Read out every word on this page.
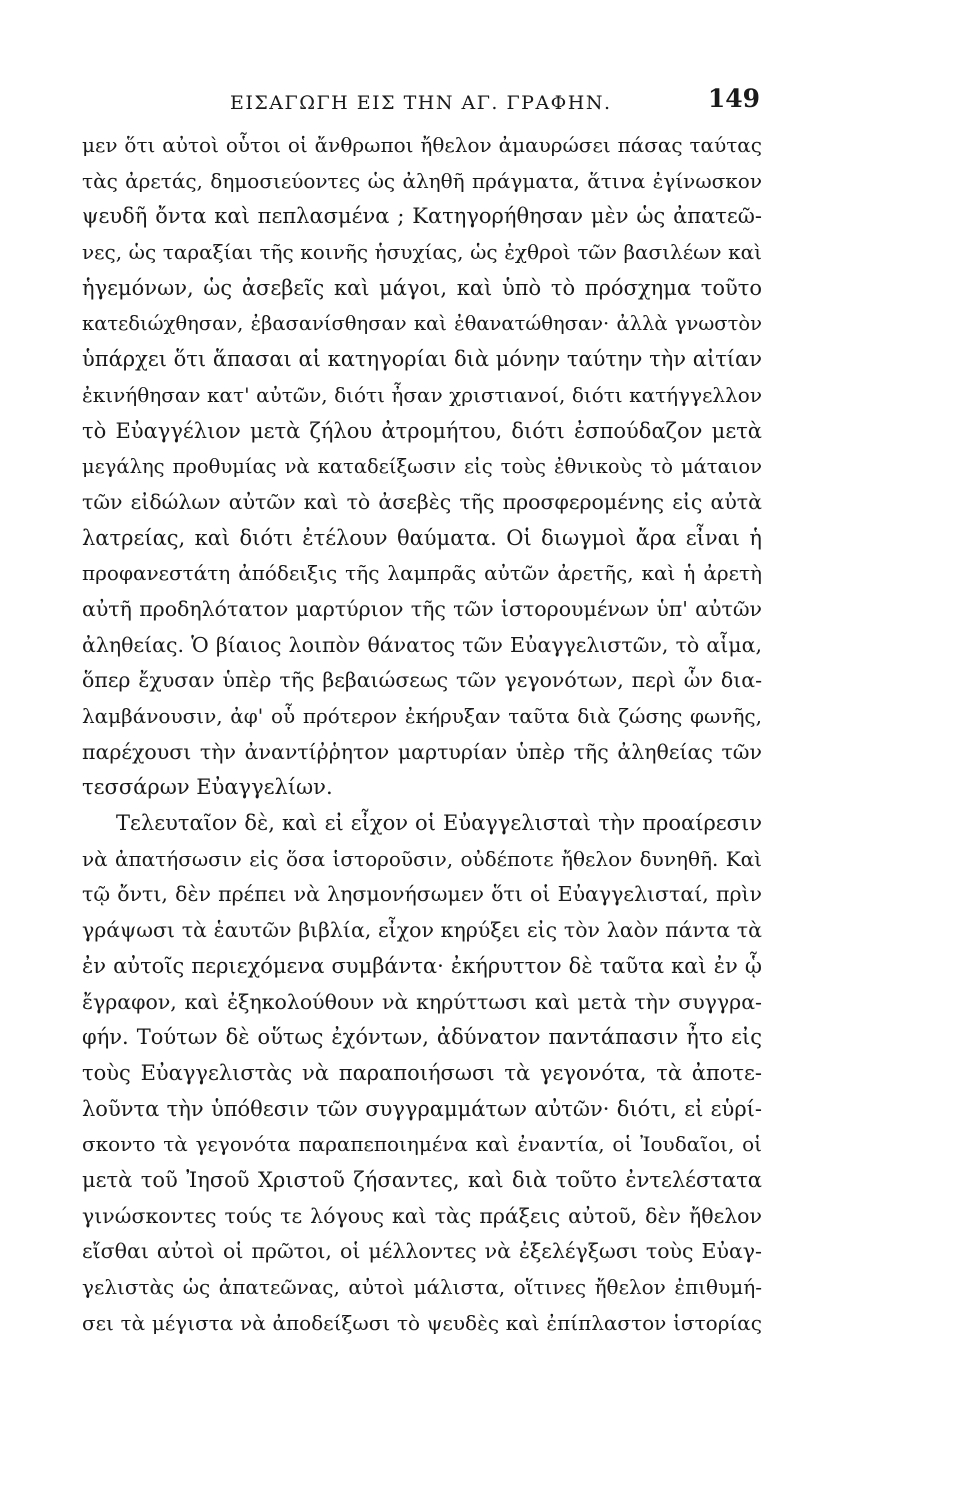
ΕΙΣΑΓΩΓΗ ΕΙΣ ΤΗΝ ΑΓ. ΓΡΑΦΗΝ.	149
μεν ὅτι αὐτοὶ οὗτοι οἱ ἄνθρωποι ἤθελον ἀμαυρώσει πάσας ταύτας
τὰς ἀρετάς, δημοσιεύοντες ὡς ἀληθῆ πράγματα, ἅτινα ἐγίνωσκον
ψευδῆ ὄντα καὶ πεπλασμένα ; Κατηγορήθησαν μὲν ὡς ἀπατεῶ-
νες, ὡς ταραξίαι τῆς κοινῆς ἡσυχίας, ὡς ἐχθροὶ τῶν βασιλέων καὶ
ἡγεμόνων, ὡς ἀσεβεῖς καὶ μάγοι, καὶ ὑπὸ τὸ πρόσχημα τοῦτο
κατεδιώχθησαν, ἐβασανίσθησαν καὶ ἐθανατώθησαν· ἀλλὰ γνωστὸν
ὑπάρχει ὅτι ἅπασαι αἱ κατηγορίαι διὰ μόνην ταύτην τὴν αἰτίαν
ἐκινήθησαν κατ' αὐτῶν, διότι ἦσαν χριστιανοί, διότι κατήγγελλον
τὸ Εὐαγγέλιον μετὰ ζήλου ἀτρομήτου, διότι ἐσπούδαζον μετὰ
μεγάλης προθυμίας νὰ καταδείξωσιν εἰς τοὺς ἐθνικοὺς τὸ μάταιον
τῶν εἰδώλων αὐτῶν καὶ τὸ ἀσεβὲς τῆς προσφερομένης εἰς αὐτὰ
λατρείας, καὶ διότι ἐτέλουν θαύματα. Οἱ διωγμοὶ ἄρα εἶναι ἡ
προφανεστάτη ἀπόδειξις τῆς λαμπρᾶς αὐτῶν ἀρετῆς, καὶ ἡ ἀρετὴ
αὐτῆ προδηλότατον μαρτύριον τῆς τῶν ἱστορουμένων ὑπ' αὐτῶν
ἀληθείας. Ὁ βίαιος λοιπὸν θάνατος τῶν Εὐαγγελιστῶν, τὸ αἷμα,
ὅπερ ἔχυσαν ὑπὲρ τῆς βεβαιώσεως τῶν γεγονότων, περὶ ὧν δια-
λαμβάνουσιν, ἀφ' οὗ πρότερον ἐκήρυξαν ταῦτα διὰ ζώσης φωνῆς,
παρέχουσι τὴν ἀναντίῤῥητον μαρτυρίαν ὑπὲρ τῆς ἀληθείας τῶν
τεσσάρων Εὐαγγελίων.
Τελευταῖον δὲ, καὶ εἰ εἶχον οἱ Εὐαγγελισταὶ τὴν προαίρεσιν
νὰ ἀπατήσωσιν εἰς ὅσα ἱστοροῦσιν, οὐδέποτε ἤθελον δυνηθῆ. Καὶ
τῷ ὄντι, δὲν πρέπει νὰ λησμονήσωμεν ὅτι οἱ Εὐαγγελισταί, πρὶν
γράψωσι τὰ ἑαυτῶν βιβλία, εἶχον κηρύξει εἰς τὸν λαὸν πάντα τὰ
ἐν αὐτοῖς περιεχόμενα συμβάντα· ἐκήρυττον δὲ ταῦτα καὶ ἐν ᾧ
ἔγραφον, καὶ ἐξηκολούθουν νὰ κηρύττωσι καὶ μετὰ τὴν συγγρα-
φήν. Τούτων δὲ οὕτως ἐχόντων, ἀδύνατον παντάπασιν ἦτο εἰς
τοὺς Εὐαγγελιστὰς νὰ παραποιήσωσι τὰ γεγονότα, τὰ ἀποτε-
λοῦντα τὴν ὑπόθεσιν τῶν συγγραμμάτων αὐτῶν· διότι, εἰ εὑρί-
σκοντο τὰ γεγονότα παραπεποιημένα καὶ ἐναντία, οἱ Ἰουδαῖοι, οἱ
μετὰ τοῦ Ἰησοῦ Χριστοῦ ζήσαντες, καὶ διὰ τοῦτο ἐντελέστατα
γινώσκοντες τούς τε λόγους καὶ τὰς πράξεις αὐτοῦ, δὲν ἤθελον
εἴσθαι αὐτοὶ οἱ πρῶτοι, οἱ μέλλοντες νὰ ἐξελέγξωσι τοὺς Εὐαγ-
γελιστὰς ὡς ἀπατεῶνας, αὐτοὶ μάλιστα, οἵτινες ἤθελον ἐπιθυμή-
σει τὰ μέγιστα νὰ ἀποδείξωσι τὸ ψευδὲς καὶ ἐπίπλαστον ἱστορίας
